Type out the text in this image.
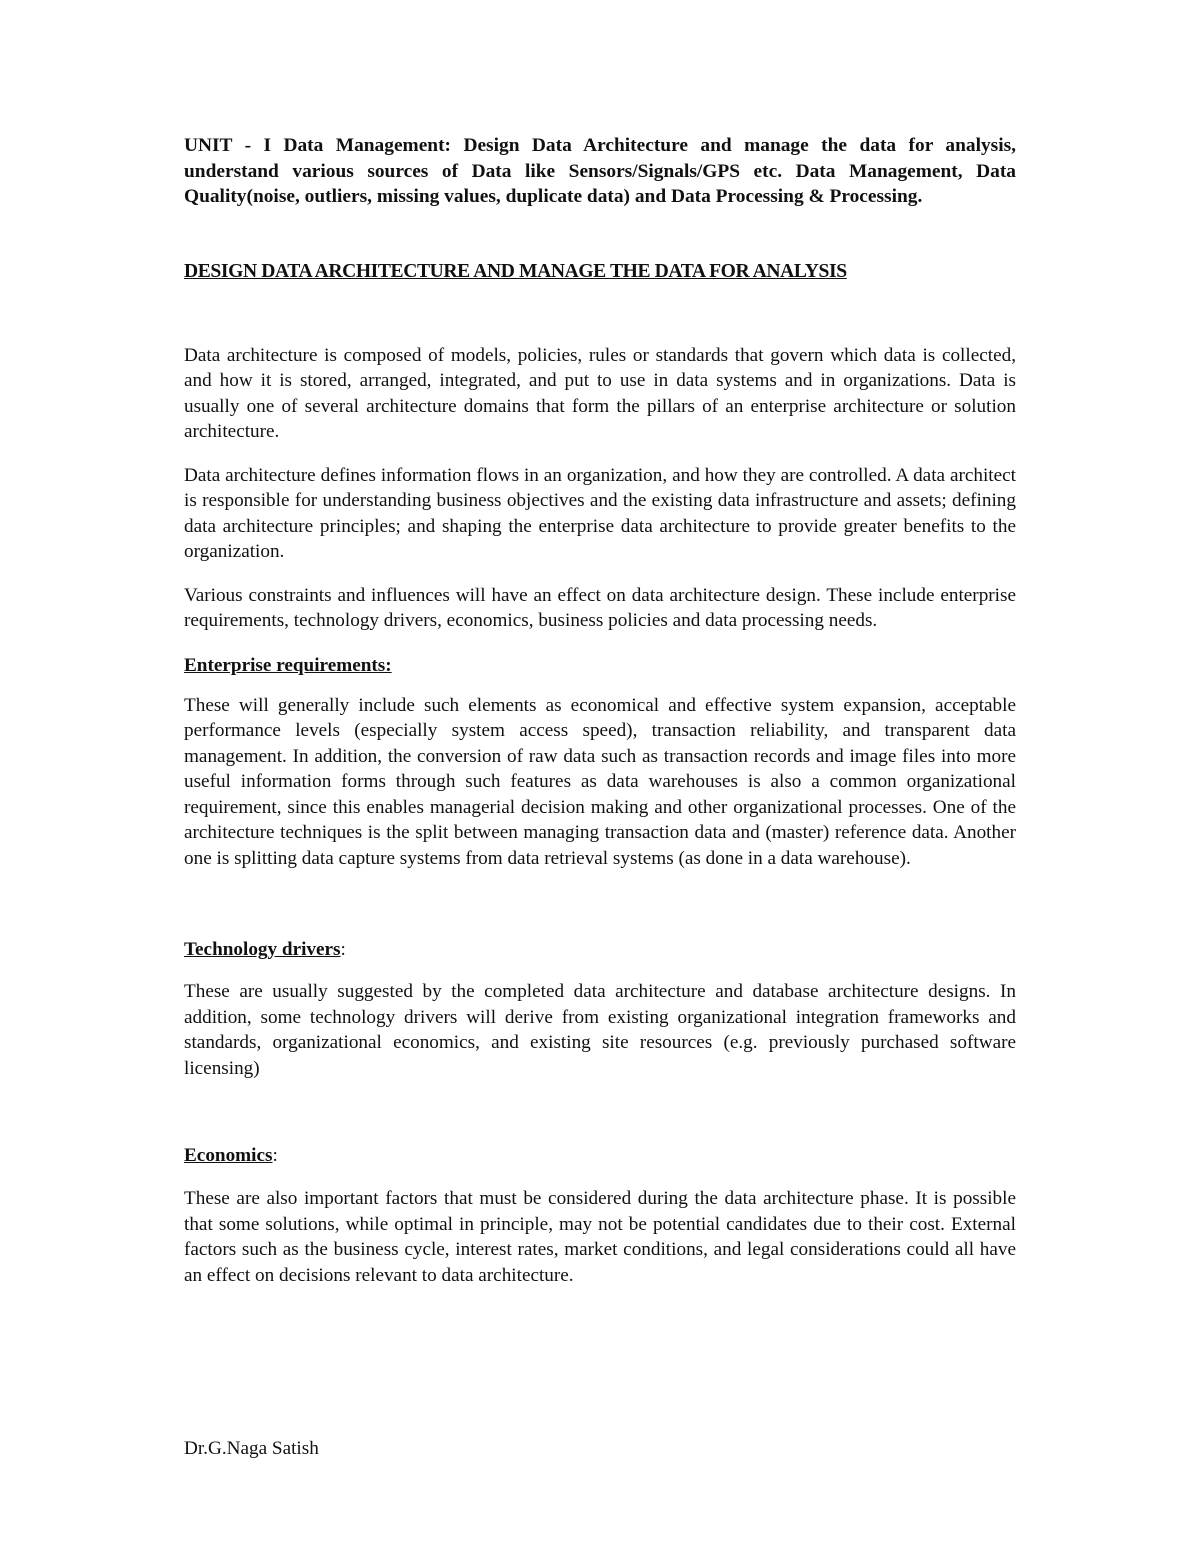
UNIT - I Data Management: Design Data Architecture and manage the data for analysis, understand various sources of Data like Sensors/Signals/GPS etc. Data Management, Data Quality(noise, outliers, missing values, duplicate data) and Data Processing & Processing.

DESIGN DATA ARCHITECTURE AND MANAGE THE DATA FOR ANALYSIS

Data architecture is composed of models, policies, rules or standards that govern which data is collected, and how it is stored, arranged, integrated, and put to use in data systems and in organizations. Data is usually one of several architecture domains that form the pillars of an enterprise architecture or solution architecture.

Data architecture defines information flows in an organization, and how they are controlled. A data architect is responsible for understanding business objectives and the existing data infrastructure and assets; defining data architecture principles; and shaping the enterprise data architecture to provide greater benefits to the organization.

Various constraints and influences will have an effect on data architecture design. These include enterprise requirements, technology drivers, economics, business policies and data processing needs.

Enterprise requirements:

These will generally include such elements as economical and effective system expansion, acceptable performance levels (especially system access speed), transaction reliability, and transparent data management. In addition, the conversion of raw data such as transaction records and image files into more useful information forms through such features as data warehouses is also a common organizational requirement, since this enables managerial decision making and other organizational processes. One of the architecture techniques is the split between managing transaction data and (master) reference data. Another one is splitting data capture systems from data retrieval systems (as done in a data warehouse).

Technology drivers:

These are usually suggested by the completed data architecture and database architecture designs. In addition, some technology drivers will derive from existing organizational integration frameworks and standards, organizational economics, and existing site resources (e.g. previously purchased software licensing)

Economics:

These are also important factors that must be considered during the data architecture phase. It is possible that some solutions, while optimal in principle, may not be potential candidates due to their cost. External factors such as the business cycle, interest rates, market conditions, and legal considerations could all have an effect on decisions relevant to data architecture.

Dr.G.Naga Satish
